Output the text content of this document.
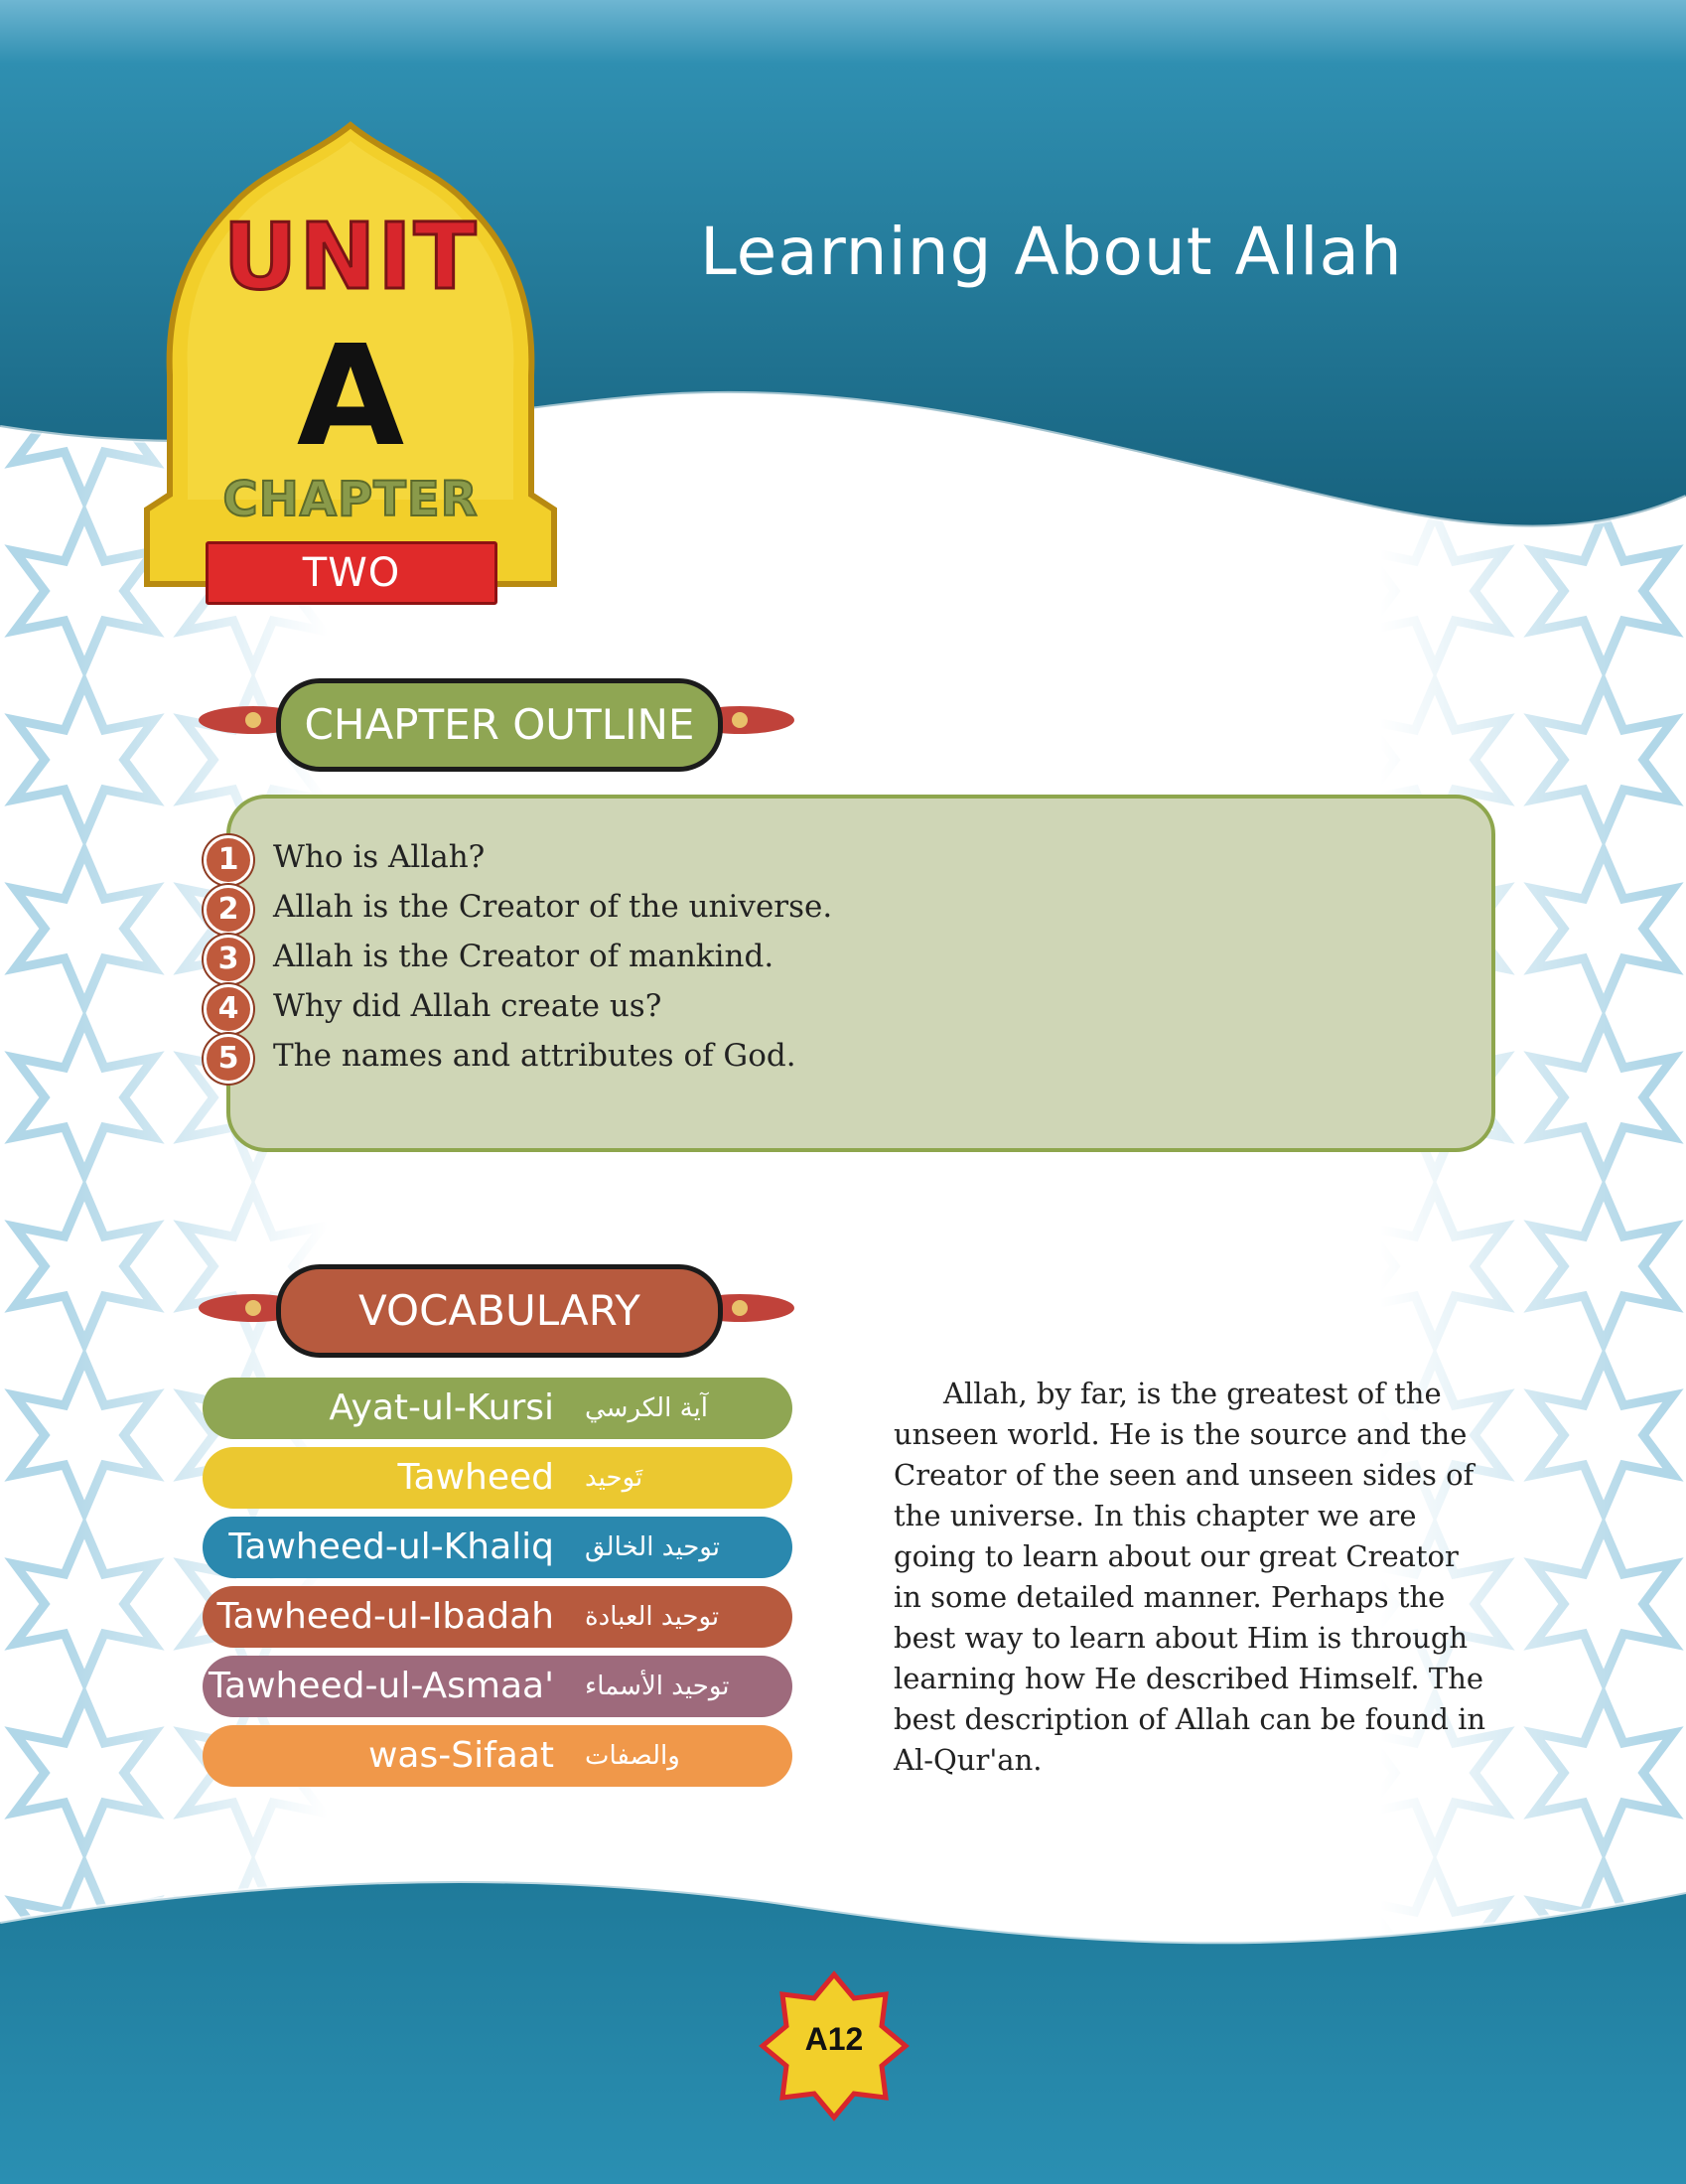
UNIT
A
CHAPTER
TWO
Learning About Allah
CHAPTER OUTLINE
1	Who is Allah?
2	Allah is the Creator of the universe.
3	Allah is the Creator of mankind.
4	Why did Allah create us?
5	The names and attributes of God.
VOCABULARY
Ayat-ul-Kursi آية الكرسي
Tawheed تَوحيد
Tawheed-ul-Khaliq توحيد الخالق
Tawheed-ul-Ibadah توحيد العبادة
Tawheed-ul-Asmaa' توحيد الأسماء
was-Sifaat والصفات

Allah, by far, is the greatest of the unseen world. He is the source and the Creator of the seen and unseen sides of the universe. In this chapter we are going to learn about our great Creator in some detailed manner. Perhaps the best way to learn about Him is through learning how He described Himself. The best description of Allah can be found in Al-Qur'an.

A12
